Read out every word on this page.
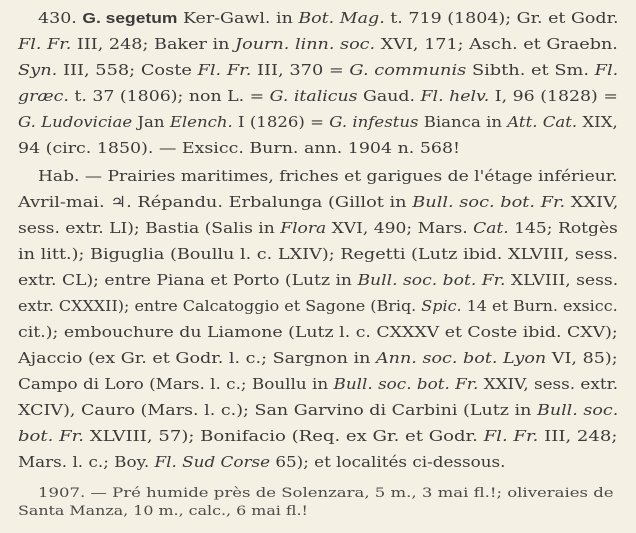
430. G. segetum Ker-Gawl. in Bot. Mag. t. 719 (1804); Gr. et Godr.
Fl. Fr. III, 248; Baker in Journ. linn. soc. XVI, 171; Asch. et Graebn.
Syn. III, 558; Coste Fl. Fr. III, 370 = G. communis Sibth. et Sm. Fl.
græc. t. 37 (1806); non L. = G. italicus Gaud. Fl. helv. I, 96 (1828) =
G. Ludoviciae Jan Elench. I (1826) = G. infestus Bianca in Att. Cat. XIX,
94 (circ. 1850). — Exsicc. Burn. ann. 1904 n. 568!
Hab. — Prairies maritimes, friches et garigues de l'étage inférieur.
Avril-mai. ♃. Répandu. Erbalunga (Gillot in Bull. soc. bot. Fr. XXIV,
sess. extr. LI); Bastia (Salis in Flora XVI, 490; Mars. Cat. 145; Rotgès
in litt.); Biguglia (Boullu l. c. LXIV); Regetti (Lutz ibid. XLVIII, sess.
extr. CL); entre Piana et Porto (Lutz in Bull. soc. bot. Fr. XLVIII, sess.
extr. CXXXII); entre Calcatoggio et Sagone (Briq. Spic. 14 et Burn. exsicc.
cit.); embouchure du Liamone (Lutz l. c. CXXXV et Coste ibid. CXV);
Ajaccio (ex Gr. et Godr. l. c.; Sargnon in Ann. soc. bot. Lyon VI, 85);
Campo di Loro (Mars. l. c.; Boullu in Bull. soc. bot. Fr. XXIV, sess. extr.
XCIV), Cauro (Mars. l. c.); San Garvino di Carbini (Lutz in Bull. soc.
bot. Fr. XLVIII, 57); Bonifacio (Req. ex Gr. et Godr. Fl. Fr. III, 248;
Mars. l. c.; Boy. Fl. Sud Corse 65); et localités ci-dessous.
1907. — Pré humide près de Solenzara, 5 m., 3 mai fl.!; oliveraies de
Santa Manza, 10 m., calc., 6 mai fl.!
